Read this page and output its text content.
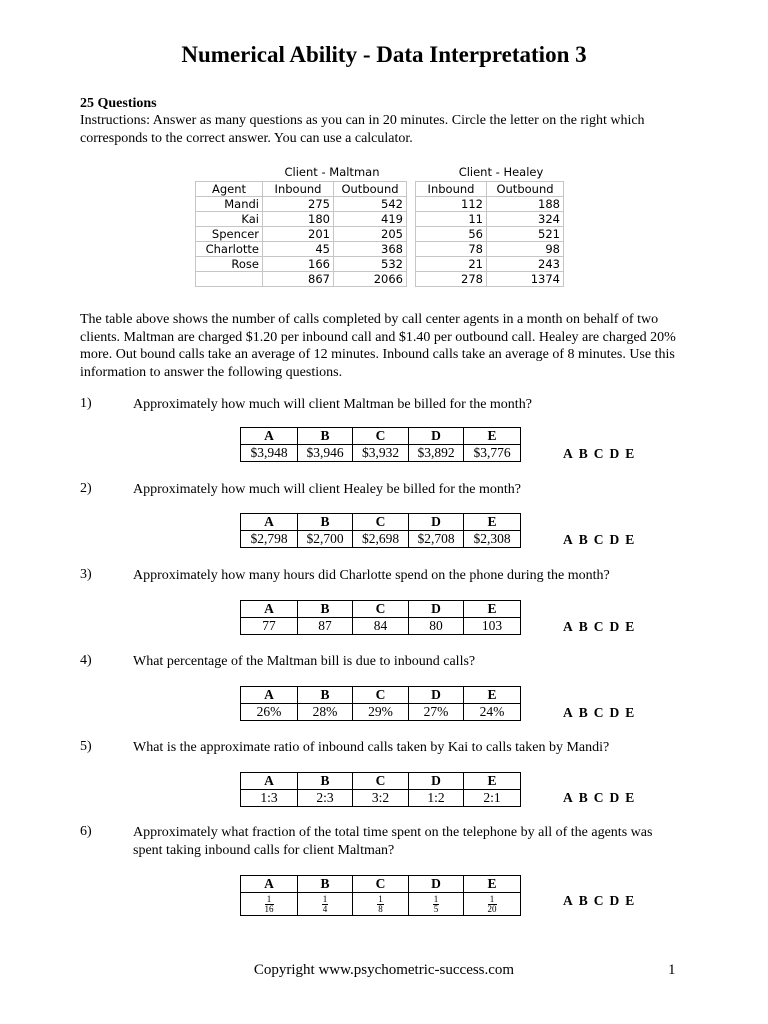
Numerical Ability - Data Interpretation 3
25 Questions
Instructions: Answer as many questions as you can in 20 minutes. Circle the letter on the right which corresponds to the correct answer. You can use a calculator.
Client - Maltman	Client - Healey
Agent	Inbound	Outbound		Inbound	Outbound
Mandi	275	542		112	188
Kai	180	419		11	324
Spencer	201	205		56	521
Charlotte	45	368		78	98
Rose	166	532		21	243
	867	2066		278	1374
The table above shows the number of calls completed by call center agents in a month on behalf of two clients. Maltman are charged $1.20 per inbound call and $1.40 per outbound call. Healey are charged 20% more. Out bound calls take an average of 12 minutes. Inbound calls take an average of 8 minutes. Use this information to answer the following questions.
1)	Approximately how much will client Maltman be billed for the month?
A	B	C	D	E
$3,948	$3,946	$3,932	$3,892	$3,776	A B C D E
2)	Approximately how much will client Healey be billed for the month?
A	B	C	D	E
$2,798	$2,700	$2,698	$2,708	$2,308	A B C D E
3)	Approximately how many hours did Charlotte spend on the phone during the month?
A	B	C	D	E
77	87	84	80	103	A B C D E
4)	What percentage of the Maltman bill is due to inbound calls?
A	B	C	D	E
26%	28%	29%	27%	24%	A B C D E
5)	What is the approximate ratio of inbound calls taken by Kai to calls taken by Mandi?
A	B	C	D	E
1:3	2:3	3:2	1:2	2:1	A B C D E
6)	Approximately what fraction of the total time spent on the telephone by all of the agents was spent taking inbound calls for client Maltman?
A	B	C	D	E

$\frac{1}{16}$	$\frac{1}{4}$	$\frac{1}{8}$	$\frac{1}{5}$	$\frac{1}{20}$	A B C D E
Copyright www.psychometric-success.com	1
